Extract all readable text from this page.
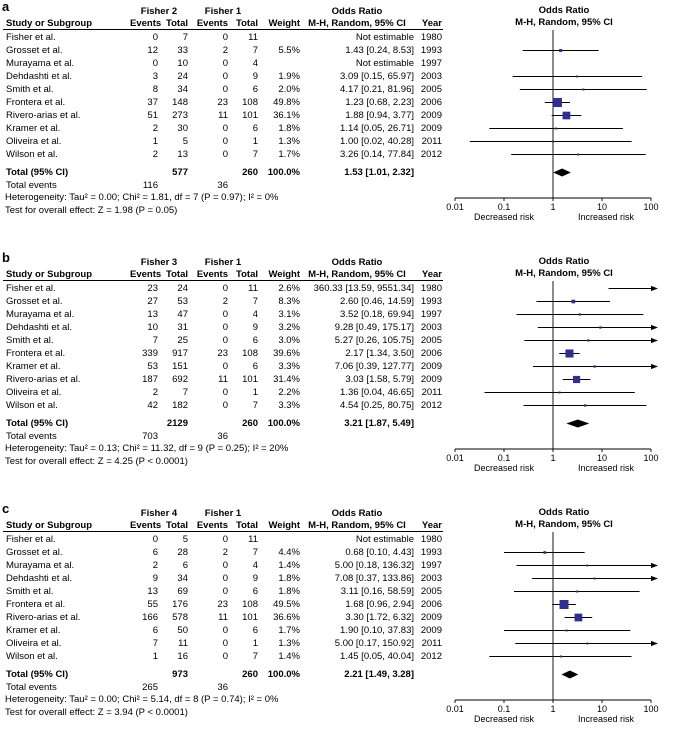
a	Fisher 2	Fisher 1	Odds Ratio
Study or Subgroup	Events Total Events Total	Weight M-H, Random, 95% CI	Year
Odds Ratio
M-H, Random, 95% CI
Fisher et al.	0	7	0	11	Not estimable 1980
Grosset et al.	12	33	2	7	5.5%	1.43 [0.24, 8.53] 1993
Murayama et al.	0	10	0	4	Not estimable 1997
Dehdashti et al.	3	24	0	9	1.9%	3.09 [0.15, 65.97] 2003
Smith et al.	8	34	0	6	2.0%	4.17 [0.21, 81.96] 2005
Frontera et al.	37	148	23	108	49.8%	1.23 [0.68, 2.23] 2006
Rivero-arias et al.	51	273	11	101	36.1%	1.88 [0.94, 3.77] 2009
Kramer et al.	2	30	0	6	1.8%	1.14 [0.05, 26.71] 2009
Oliveira et al.	1	5	0	1	1.3%	1.00 [0.02, 40.28] 2011
Wilson et al.	2	13	0	7	1.7%	3.26 [0.14, 77.84] 2012
Total (95% CI)	577	260	100.0%	1.53 [1.01, 2.32]
Total events	116	36
Heterogeneity: Tau² = 0.00; Chi² = 1.81, df = 7 (P = 0.97); I² = 0%
Test for overall effect: Z = 1.98 (P = 0.05)	0.01	0.1	1	10	100
Decreased risk	Increased risk
b	Fisher 3	Fisher 1	Odds Ratio
Study or Subgroup	Events Total Events Total	Weight M-H, Random, 95% CI	Year
Odds Ratio
M-H, Random, 95% CI
Fisher et al.	23	24	0	11	2.6%	360.33 [13.59, 9551.34] 1980
Grosset et al.	27	53	2	7	8.3%	2.60 [0.46, 14.59] 1993
Murayama et al.	13	47	0	4	3.1%	3.52 [0.18, 69.94] 1997
Dehdashti et al.	10	31	0	9	3.2%	9.28 [0.49, 175.17] 2003
Smith et al.	7	25	0	6	3.0%	5.27 [0.26, 105.75] 2005
Frontera et al.	339	917	23	108	39.6%	2.17 [1.34, 3.50] 2006
Kramer et al.	53	151	0	6	3.3%	7.06 [0.39, 127.77] 2009
Rivero-arias et al.	187	692	11	101	31.4%	3.03 [1.58, 5.79] 2009
Oliveira et al.	2	7	0	1	2.2%	1.36 [0.04, 46.65] 2011
Wilson et al.	42	182	0	7	3.3%	4.54 [0.25, 80.75] 2012
Total (95% CI)	2129	260	100.0%	3.21 [1.87, 5.49]
Total events	703	36
Heterogeneity: Tau² = 0.13; Chi² = 11.32, df = 9 (P = 0.25); I² = 20%
Test for overall effect: Z = 4.25 (P < 0.0001)	0.01	0.1	1	10	100
Decreased risk	Increased risk
c	Fisher 4	Fisher 1	Odds Ratio
Study or Subgroup	Events Total Events Total	Weight M-H, Random, 95% CI	Year
Odds Ratio
M-H, Random, 95% CI
Fisher et al.	0	5	0	11	Not estimable 1980
Grosset et al.	6	28	2	7	4.4%	0.68 [0.10, 4.43] 1993
Murayama et al.	2	6	0	4	1.4%	5.00 [0.18, 136.32] 1997
Dehdashti et al.	9	34	0	9	1.8%	7.08 [0.37, 133.86] 2003
Smith et al.	13	69	0	6	1.8%	3.11 [0.16, 58.59] 2005
Frontera et al.	55	176	23	108	49.5%	1.68 [0.96, 2.94] 2006
Rivero-arias et al.	166	578	11	101	36.6%	3.30 [1.72, 6.32] 2009
Kramer et al.	6	50	0	6	1.7%	1.90 [0.10, 37.83] 2009
Oliveira et al.	7	11	0	1	1.3%	5.00 [0.17, 150.92] 2011
Wilson et al.	1	16	0	7	1.4%	1.45 [0.05, 40.04] 2012
Total (95% CI)	973	260	100.0%	2.21 [1.49, 3.28]
Total events	265	36
Heterogeneity: Tau² = 0.00; Chi² = 5.14, df = 8 (P = 0.74); I² = 0%
Test for overall effect: Z = 3.94 (P < 0.0001)	0.01	0.1	1	10	100
Decreased risk	Increased risk
